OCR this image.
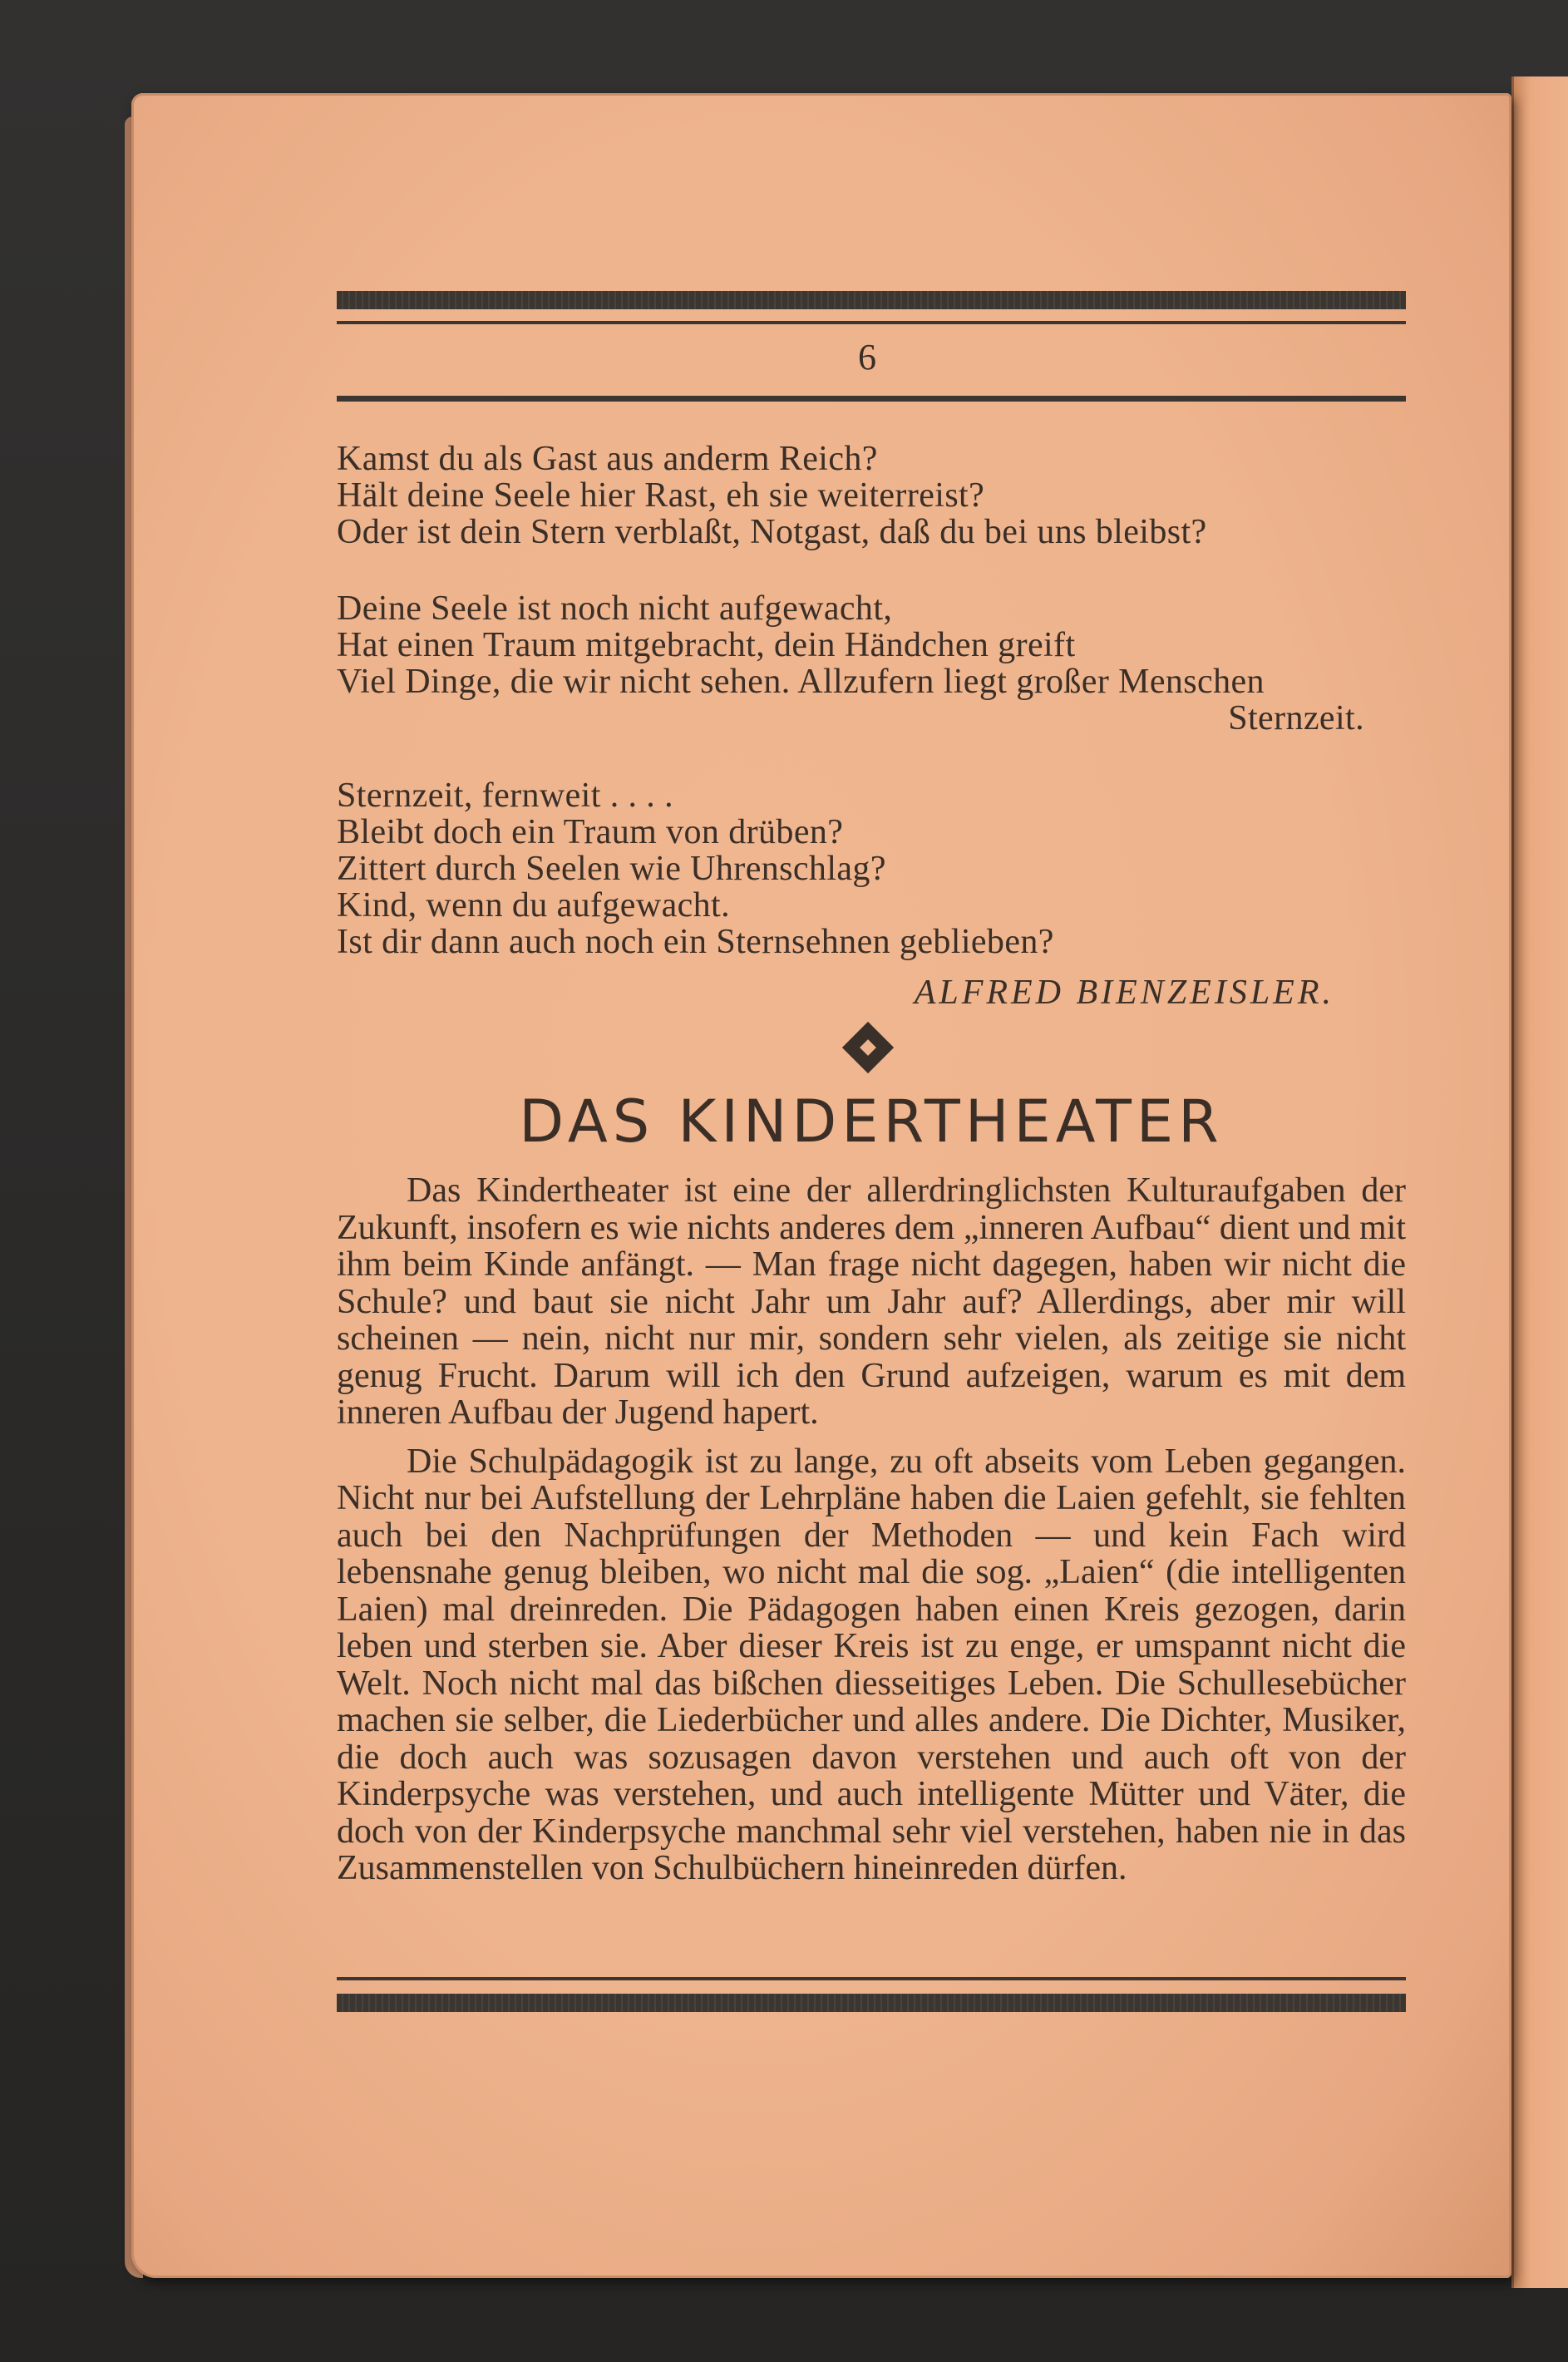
6
Kamst du als Gast aus anderm Reich?
Hält deine Seele hier Rast, eh sie weiterreist?
Oder ist dein Stern verblaßt, Notgast, daß du bei uns bleibst?
Deine Seele ist noch nicht aufgewacht,
Hat einen Traum mitgebracht, dein Händchen greift
Viel Dinge, die wir nicht sehen. Allzufern liegt großer Menschen
Sternzeit.
Sternzeit, fernweit . . . .
Bleibt doch ein Traum von drüben?
Zittert durch Seelen wie Uhrenschlag?
Kind, wenn du aufgewacht.
Ist dir dann auch noch ein Sternsehnen geblieben?
ALFRED BIENZEISLER.
DAS KINDERTHEATER

Das Kindertheater ist eine der allerdringlichsten Kulturaufgaben der Zukunft, insofern es wie nichts anderes dem „inneren Aufbau“ dient und mit ihm beim Kinde anfängt. — Man frage nicht dagegen, haben wir nicht die Schule? und baut sie nicht Jahr um Jahr auf? Allerdings, aber mir will scheinen — nein, nicht nur mir, sondern sehr vielen, als zeitige sie nicht genug Frucht. Darum will ich den Grund aufzeigen, warum es mit dem inneren Aufbau der Jugend hapert.

Die Schulpädagogik ist zu lange, zu oft abseits vom Leben gegangen. Nicht nur bei Aufstellung der Lehrpläne haben die Laien gefehlt, sie fehlten auch bei den Nachprüfungen der Methoden — und kein Fach wird lebensnahe genug bleiben, wo nicht mal die sog. „Laien“ (die intelligenten Laien) mal dreinreden. Die Pädagogen haben einen Kreis gezogen, darin leben und sterben sie. Aber dieser Kreis ist zu enge, er umspannt nicht die Welt. Noch nicht mal das bißchen diesseitiges Leben. Die Schullesebücher machen sie selber, die Liederbücher und alles andere. Die Dichter, Musiker, die doch auch was sozusagen davon verstehen und auch oft von der Kinderpsyche was verstehen, und auch intelligente Mütter und Väter, die doch von der Kinderpsyche manchmal sehr viel verstehen, haben nie in das Zusammenstellen von Schulbüchern hineinreden dürfen.
